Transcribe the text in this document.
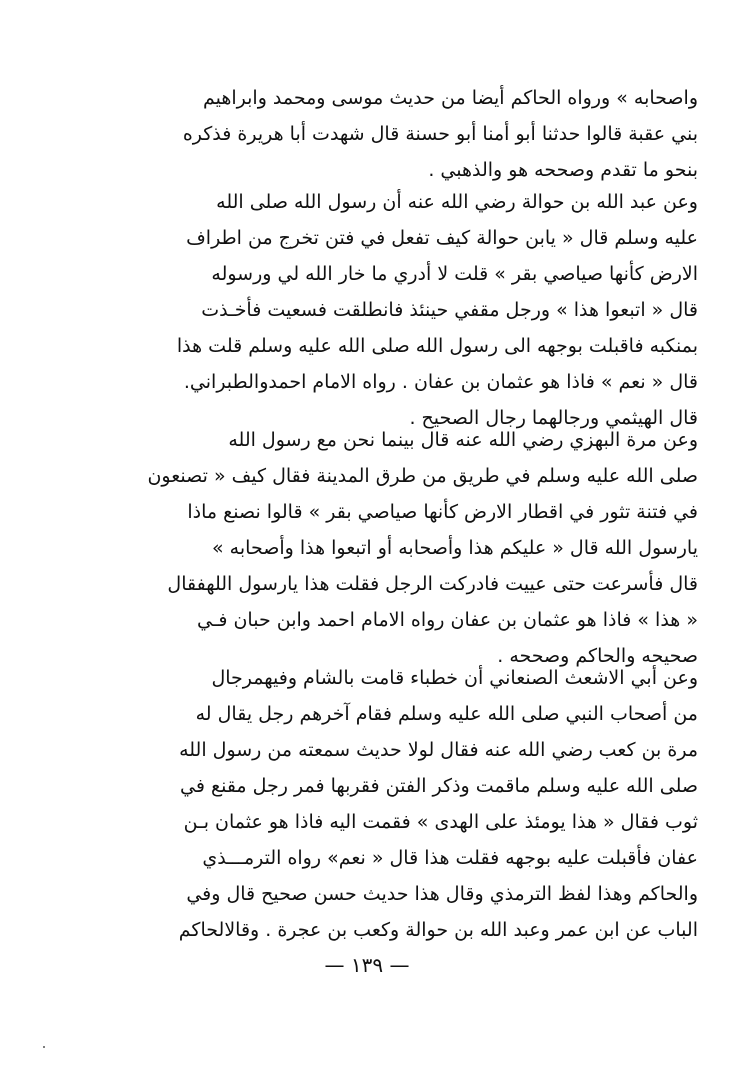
واصحابه » ورواه الحاكم أيضا من حديث موسى ومحمد وابراهيم
بني عقبة قالوا حدثنا أبو أمنا أبو حسنة قال شهدت أبا هريرة فذكره
بنحو ما تقدم وصححه هو والذهبي .
وعن عبد الله بن حوالة رضي الله عنه أن رسول الله صلى الله
عليه وسلم قال « يابن حوالة كيف تفعل في فتن تخرج من اطراف
الارض كأنها صياصي بقر » قلت لا أدري ما خار الله لي ورسوله
قال « اتبعوا هذا » ورجل مقفي حينئذ فانطلقت فسعيت فأخـذت
بمنكبه فاقبلت بوجهه الى رسول الله صلى الله عليه وسلم قلت هذا
قال « نعم » فاذا هو عثمان بن عفان . رواه الامام احمدوالطبراني.
قال الهيثمي ورجالهما رجال الصحيح .
وعن مرة البهزي رضي الله عنه قال بينما نحن مع رسول الله
صلى الله عليه وسلم في طريق من طرق المدينة فقال كيف « تصنعون
في فتنة تثور في اقطار الارض كأنها صياصي بقر » قالوا نصنع ماذا
يارسول الله قال « عليكم هذا وأصحابه أو اتبعوا هذا وأصحابه »
قال فأسرعت حتى عييت فادركت الرجل فقلت هذا يارسول اللهفقال
« هذا » فاذا هو عثمان بن عفان رواه الامام احمد وابن حبان فـي
صحيحه والحاكم وصححه .
وعن أبي الاشعث الصنعاني أن خطباء قامت بالشام وفيهمرجال
من أصحاب النبي صلى الله عليه وسلم فقام آخرهم رجل يقال له
مرة بن كعب رضي الله عنه فقال لولا حديث سمعته من رسول الله
صلى الله عليه وسلم ماقمت وذكر الفتن فقربها فمر رجل مقنع في
ثوب فقال « هذا يومئذ على الهدى » فقمت اليه فاذا هو عثمان بـن
عفان فأقبلت عليه بوجهه فقلت هذا قال « نعم» رواه الترمـــذي
والحاكم وهذا لفظ الترمذي وقال هذا حديث حسن صحيح قال وفي
الباب عن ابن عمر وعبد الله بن حوالة وكعب بن عجرة . وقالالحاكم
— ١٣٩ —
